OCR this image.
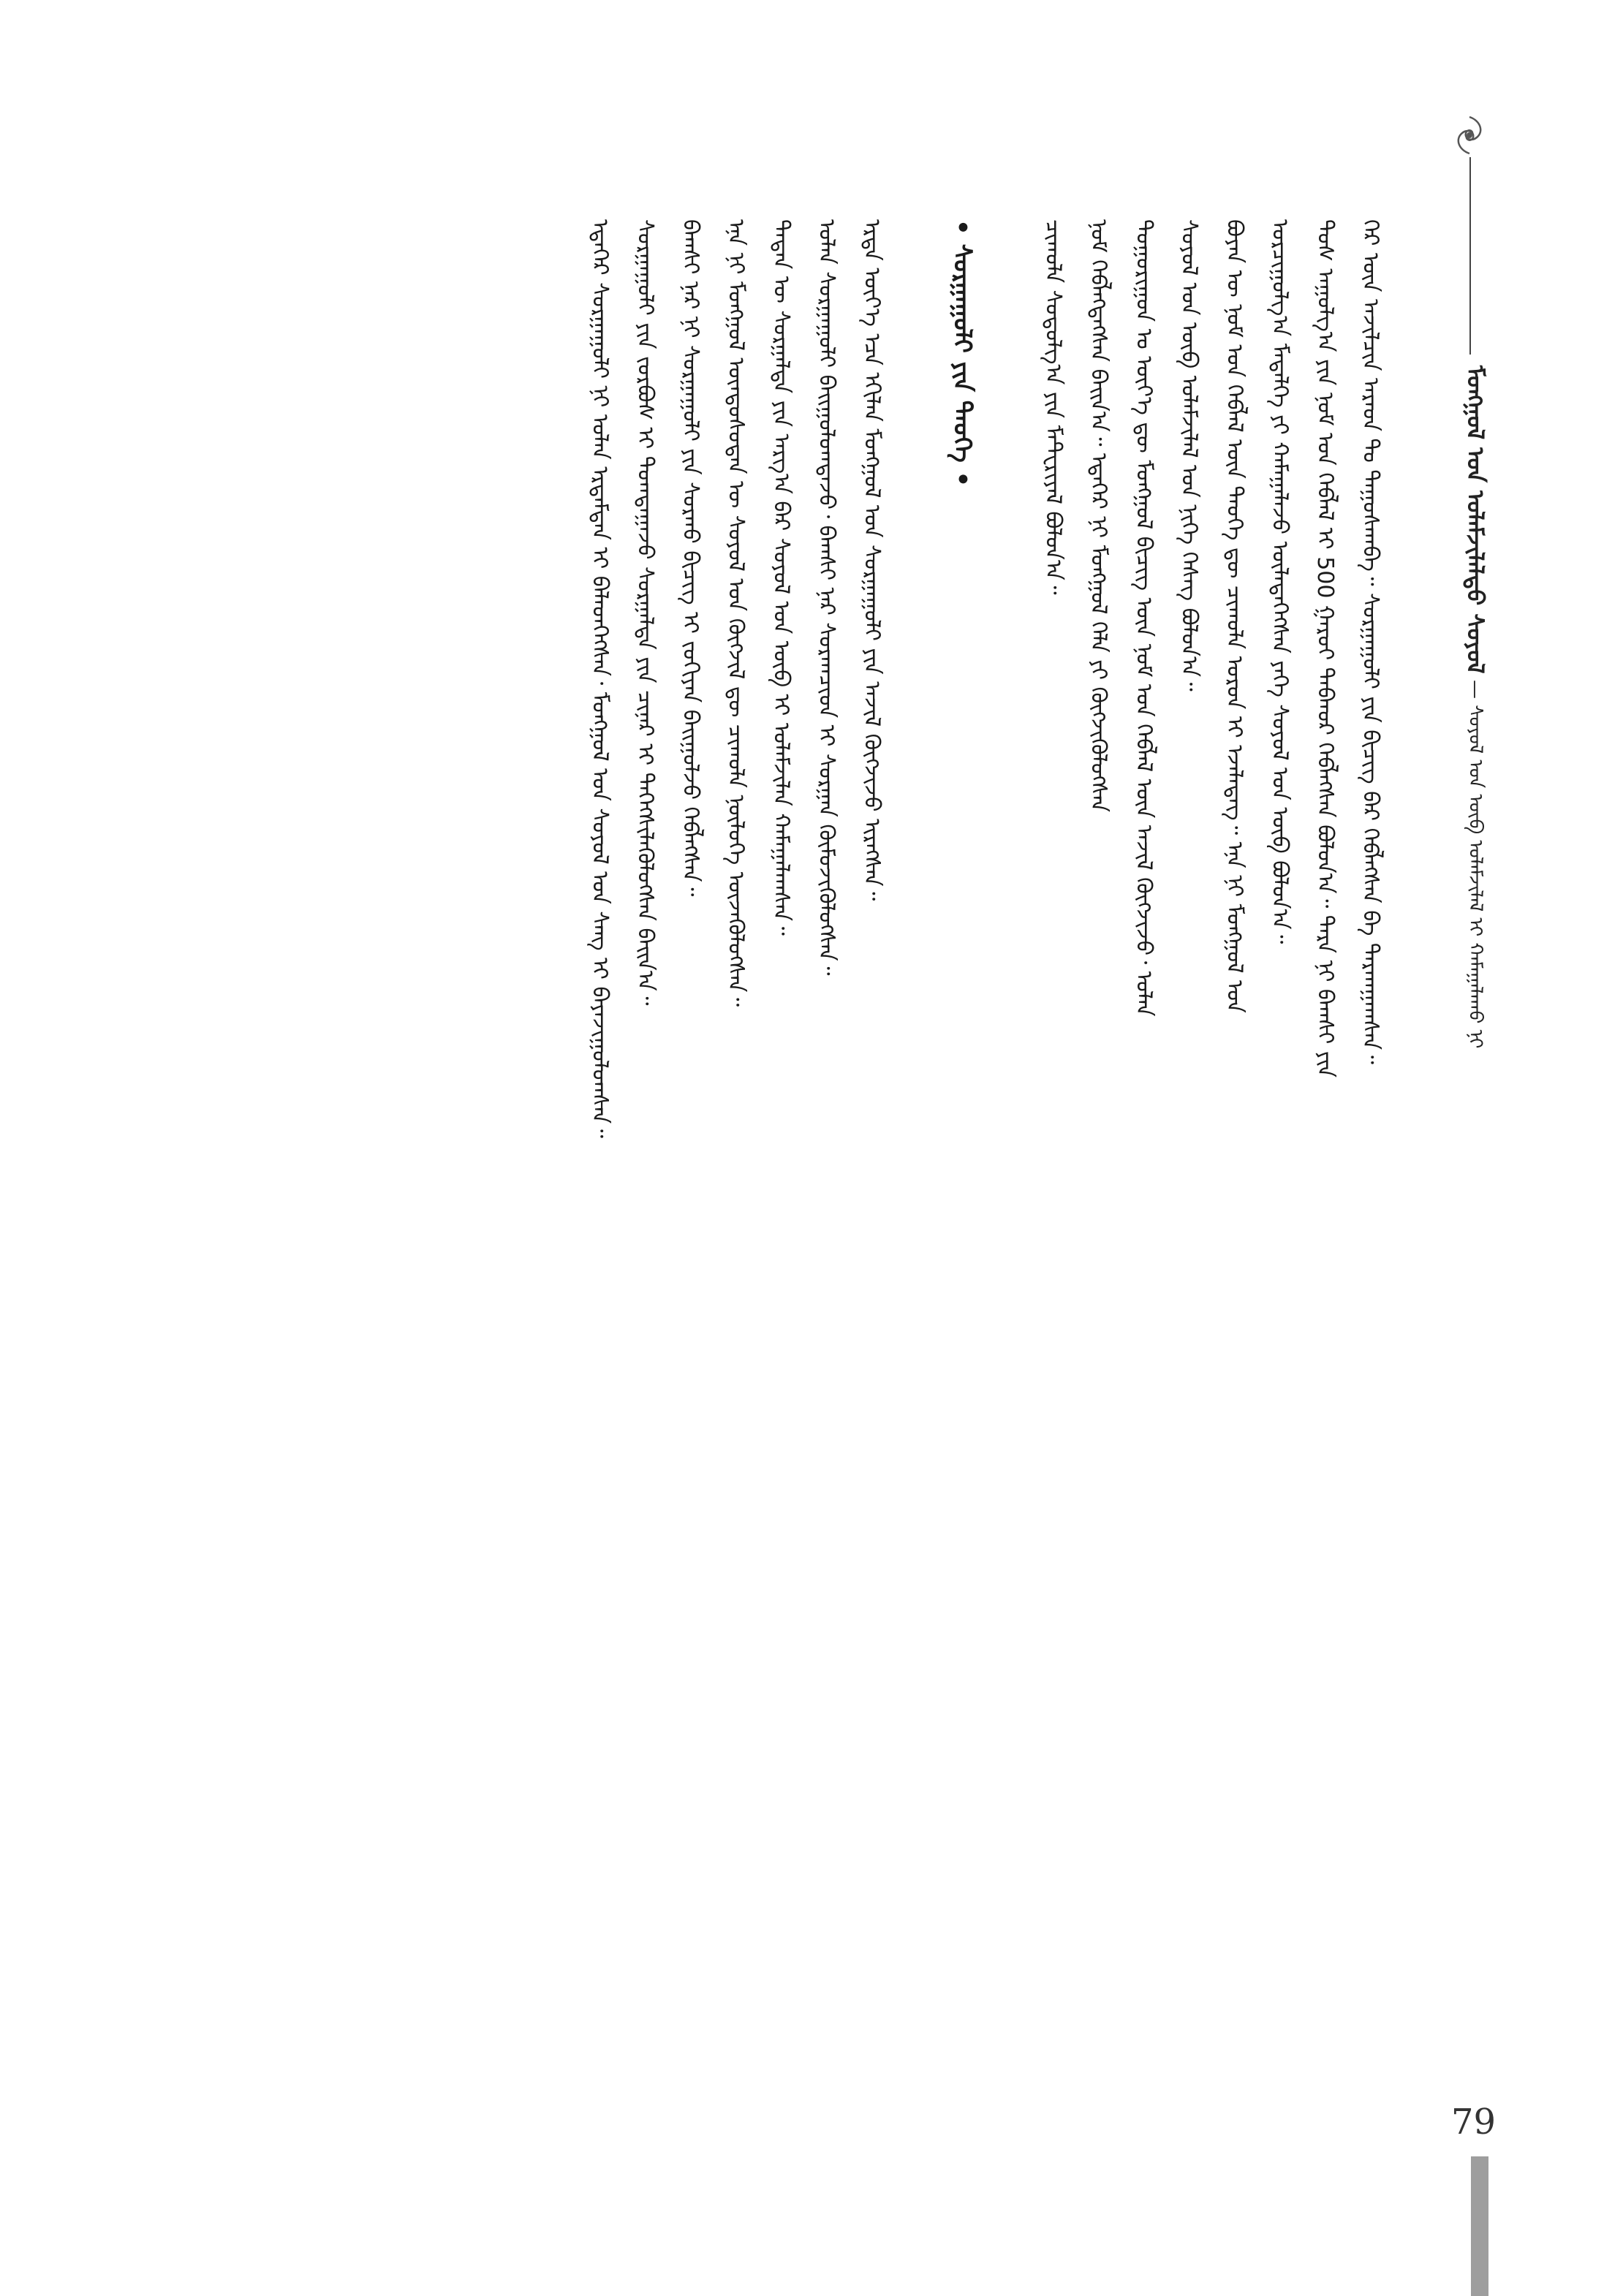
ᠮᠣᠩᠭᠣᠯ ᠤᠨ ᠤᠯᠠᠮᠵᠢᠯᠠᠯᠲᠤ ᠰᠤᠶᠤᠯ — ᠰᠤᠶᠤᠯ ᠤᠨ ᠦᠪ ᠤᠯᠠᠮᠵᠢᠯᠠᠯ ᠢ ᠬᠠᠮᠠᠭᠠᠯᠠᠬᠤ ᠨᠢ
ᠭᠡᠷ ᠦᠨ ᠠᠵᠢᠯᠴᠢᠨ ᠠᠷᠠᠳ ᠲᠤ ᠳᠠᠭᠤᠰᠬᠠᠪᠠ᠃ ᠰᠤᠷᠭᠠᠭᠤᠯᠢ ᠶᠢᠨ ᠪᠢᠴᠢᠭ ᠪᠠᠷ ᠬᠡᠪᠯᠡᠭᠰᠡᠨ ᠪᠠ ᠲᠠᠷᠬᠠᠭᠠᠭᠰᠠᠨ᠃
ᠲᠤᠰ ᠠᠭᠤᠯᠭ᠎ᠠ ᠶᠢᠨ ᠨᠤᠮ ᠤᠨ ᠬᠡᠪᠯᠡᠯ ᠢ 500 ᠭᠠᠷᠤᠢ ᠳᠠᠪᠬᠤᠷ ᠬᠡᠪᠯᠡᠭᠰᠡᠨ ᠪᠤᠯᠤᠨ᠎ᠠ᠃ ᠲᠡᠷᠡ ᠨᠢ ᠪᠠᠭᠰᠢ ᠶᠢᠨ
ᠣᠷᠴᠢᠭᠤᠯᠭ᠎ᠠ ᠮᠡᠳᠡᠯᠭᠡ ᠶᠢ ᠬᠠᠮᠠᠭᠠᠯᠠᠵᠤ ᠦᠯᠡᠳᠡᠭᠡᠭᠰᠡᠨ ᠶᠡᠬᠡ ᠰᠤᠶᠤᠯ ᠤᠨ ᠦᠪ ᠪᠣᠯᠤᠨ᠎ᠠ᠃
ᠪᠤᠶᠠᠨ ᠦ ᠨᠣᠮ ᠤᠨ ᠬᠡᠪᠯᠡᠯ ᠦᠨ ᠲᠡᠦᠬᠡ ᠳᠦ ᠴᠢᠬᠤᠯᠠ ᠣᠷᠤᠨ ᠢ ᠡᠵᠡᠯᠡᠳᠡᠭ᠃ ᠡᠨᠡ ᠨᠢ ᠮᠣᠩᠭᠣᠯ ᠤᠨ
ᠰᠤᠶᠤᠯ ᠤᠨ ᠦᠪ ᠤᠯᠠᠮᠵᠢᠯᠠᠯ ᠤᠨ ᠨᠢᠭᠡ ᠬᠡᠰᠡᠭ ᠪᠣᠯᠤᠨ᠎ᠠ᠃
ᠲᠤᠭᠤᠷᠢᠭᠤᠨ ᠤ ᠦᠶ᠎ᠡ ᠳᠦ ᠮᠣᠩᠭᠣᠯ ᠪᠢᠴᠢᠭ ᠦᠨ ᠨᠣᠮ ᠤᠨ ᠬᠡᠪᠯᠡᠯ ᠦᠨ ᠠᠵᠢᠯ ᠬᠥᠭᠵᠢᠵᠦ᠂ ᠣᠯᠠᠨ
ᠨᠣᠮ ᠬᠡᠪᠯᠡᠭᠳᠡᠭᠰᠡᠨ ᠪᠠᠢᠨ᠎ᠠ᠃ ᠡᠳᠡᠭᠡᠷ ᠨᠢ ᠮᠣᠩᠭᠣᠯ ᠬᠡᠯᠡ ᠶᠢ ᠬᠥᠭᠵᠢᠭᠦᠯᠦᠭᠰᠡᠨ
ᠴᠢᠬᠤᠯᠠ ᠰᠤᠳᠤᠯᠭ᠎ᠠ ᠶᠢᠨ ᠮᠠᠲ᠋ᠧᠷᠢᠶᠠᠯ ᠪᠣᠯᠤᠨ᠎ᠠ᠃
• ᠰᠤᠷᠭᠠᠭᠤᠯᠢ ᠶᠢᠨ ᠲᠡᠦᠬᠡ •
ᠡᠷᠲᠡ ᠦᠶ᠎ᠡ ᠡᠴᠡ ᠡᠬᠢᠯᠡᠨ ᠮᠣᠩᠭᠣᠯ ᠤᠨ ᠰᠤᠷᠭᠠᠭᠤᠯᠢ ᠶᠢᠨ ᠠᠵᠢᠯ ᠬᠥᠭᠵᠢᠵᠦ ᠢᠷᠡᠭᠰᠡᠨ᠃
ᠣᠯᠠᠨ ᠰᠤᠷᠭᠠᠭᠤᠯᠢ ᠪᠠᠢᠭᠤᠯᠤᠭᠳᠠᠵᠤ᠂ ᠪᠠᠭᠰᠢ ᠨᠠᠷ ᠰᠤᠷᠠᠭᠴᠢᠳ ᠢ ᠰᠤᠷᠭᠠᠨ ᠬᠥᠮᠦᠵᠢᠭᠦᠯᠦᠭᠰᠡᠨ᠃
ᠲᠡᠳᠡᠨ ᠦ ᠰᠤᠷᠭᠠᠯᠲᠠ ᠶᠢᠨ ᠠᠷᠭ᠎ᠠ ᠪᠠᠷ ᠰᠤᠶᠤᠯ ᠤᠨ ᠦᠪ ᠢ ᠤᠯᠠᠮᠵᠢᠯᠠᠨ ᠬᠠᠮᠠᠭᠠᠯᠠᠭᠰᠠᠨ᠃
ᠡᠨᠡ ᠨᠢ ᠮᠣᠩᠭᠣᠯ ᠦᠨᠳᠦᠰᠦᠲᠡᠨ ᠦ ᠰᠤᠶᠤᠯ ᠤᠨ ᠬᠥᠭᠵᠢᠯ ᠳᠦ ᠴᠢᠬᠤᠯᠠ ᠨᠥᠯᠦᠭᠡ ᠦᠵᠡᠭᠦᠯᠦᠭᠰᠡᠨ᠃
ᠪᠠᠭᠰᠢ ᠨᠠᠷ ᠨᠢ ᠰᠤᠷᠭᠠᠭᠤᠯᠢ ᠶᠢᠨ ᠰᠤᠷᠬᠤ ᠪᠢᠴᠢᠭ ᠢ ᠵᠣᠬᠢᠶᠠᠨ ᠪᠠᠢᠭᠤᠯᠵᠤ ᠬᠡᠪᠯᠡᠭᠰᠡᠨ᠃
ᠰᠤᠷᠭᠠᠭᠤᠯᠢ ᠶᠢᠨ ᠵᠤᠷᠪᠤᠰ ᠢ ᠲᠣᠭᠲᠠᠭᠠᠵᠤ ᠰᠤᠷᠭᠠᠯᠲᠠ ᠶᠢᠨ ᠴᠢᠨᠠᠷ ᠢ ᠳᠡᠭᠡᠭᠰᠢᠯᠡᠭᠦᠯᠦᠭᠰᠡᠨ ᠪᠠᠢᠨ᠎ᠠ᠃
ᠡᠳᠡᠭᠡᠷ ᠰᠤᠷᠭᠠᠭᠤᠯᠢ ᠨᠢ ᠣᠯᠠᠨ ᠡᠷᠳᠡᠮᠲᠡᠨ ᠢ ᠪᠡᠯᠡᠳᠬᠡᠭᠰᠡᠨ᠂ ᠮᠣᠩᠭᠣᠯ ᠤᠨ ᠰᠤᠶᠤᠯ ᠤᠨ ᠰᠠᠩ ᠢ ᠪᠠᠶᠠᠵᠢᠭᠤᠯᠤᠭᠰᠠᠨ᠃
79
